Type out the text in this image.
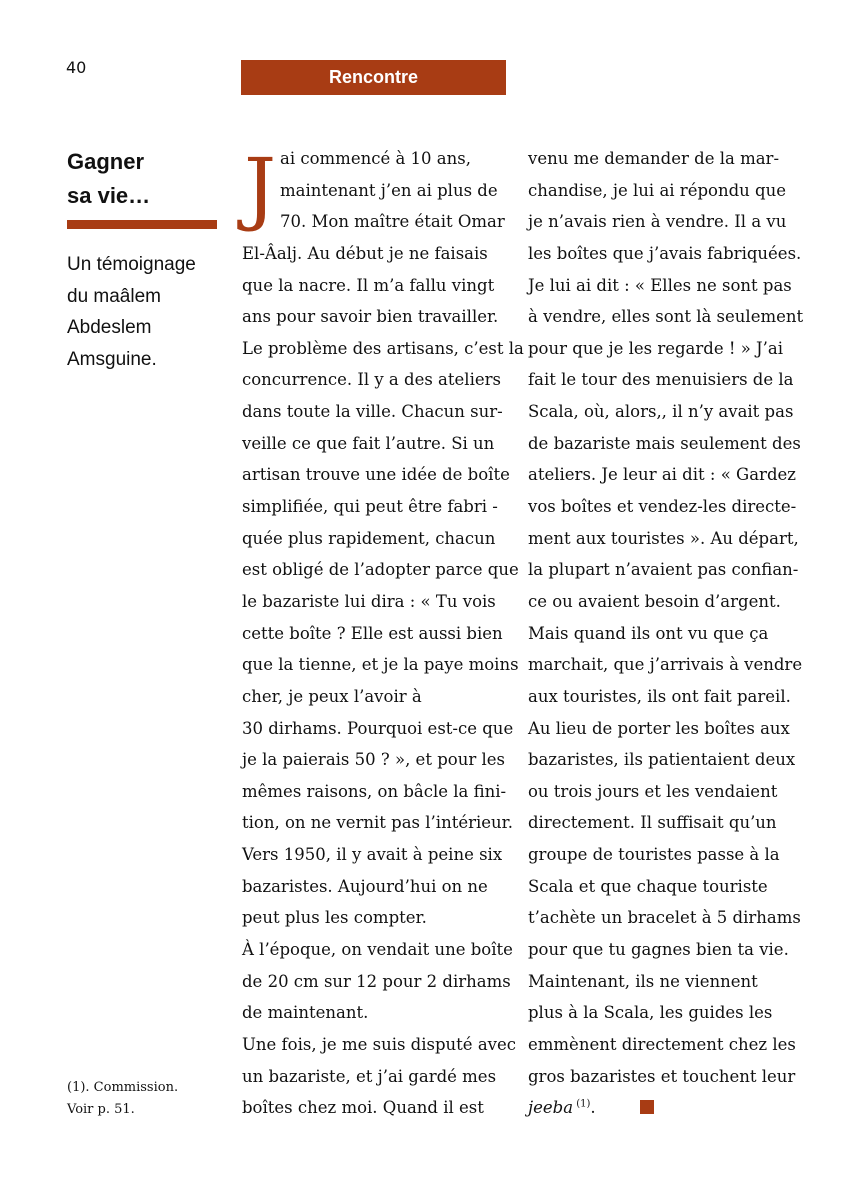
40	Rencontre
Gagner
sa vie…
Un témoignage
du maâlem
Abdeslem
Amsguine.
(1). Commission.
Voir p. 51.
J ai commencé à 10 ans,
maintenant j’en ai plus de
70. Mon maître était Omar
El-Âalj. Au début je ne faisais
que la nacre. Il m’a fallu vingt
ans pour savoir bien travailler.
Le problème des artisans, c’est la
concurrence. Il y a des ateliers
dans toute la ville. Chacun sur-
veille ce que fait l’autre. Si un
artisan trouve une idée de boîte
simplifiée, qui peut être fabri -
quée plus rapidement, chacun
est obligé de l’adopter parce que
le bazariste lui dira : « Tu vois
cette boîte ? Elle est aussi bien
que la tienne, et je la paye moins
cher, je peux l’avoir à
30 dirhams. Pourquoi est-ce que
je la paierais 50 ? », et pour les
mêmes raisons, on bâcle la fini-
tion, on ne vernit pas l’intérieur.
Vers 1950, il y avait à peine six
bazaristes. Aujourd’hui on ne
peut plus les compter.
À l’époque, on vendait une boîte
de 20 cm sur 12 pour 2 dirhams
de maintenant.
Une fois, je me suis disputé avec
un bazariste, et j’ai gardé mes
boîtes chez moi. Quand il est
venu me demander de la mar-
chandise, je lui ai répondu que
je n’avais rien à vendre. Il a vu
les boîtes que j’avais fabriquées.
Je lui ai dit : « Elles ne sont pas
à vendre, elles sont là seulement
pour que je les regarde ! » J’ai
fait le tour des menuisiers de la
Scala, où, alors,, il n’y avait pas
de bazariste mais seulement des
ateliers. Je leur ai dit : « Gardez
vos boîtes et vendez-les directe-
ment aux touristes ». Au départ,
la plupart n’avaient pas confian-
ce ou avaient besoin d’argent.
Mais quand ils ont vu que ça
marchait, que j’arrivais à vendre
aux touristes, ils ont fait pareil.
Au lieu de porter les boîtes aux
bazaristes, ils patientaient deux
ou trois jours et les vendaient
directement. Il suffisait qu’un
groupe de touristes passe à la
Scala et que chaque touriste
t’achète un bracelet à 5 dirhams
pour que tu gagnes bien ta vie.
Maintenant, ils ne viennent
plus à la Scala, les guides les
emmènent directement chez les
gros bazaristes et touchent leur
jeeba $^{(1)}$.
